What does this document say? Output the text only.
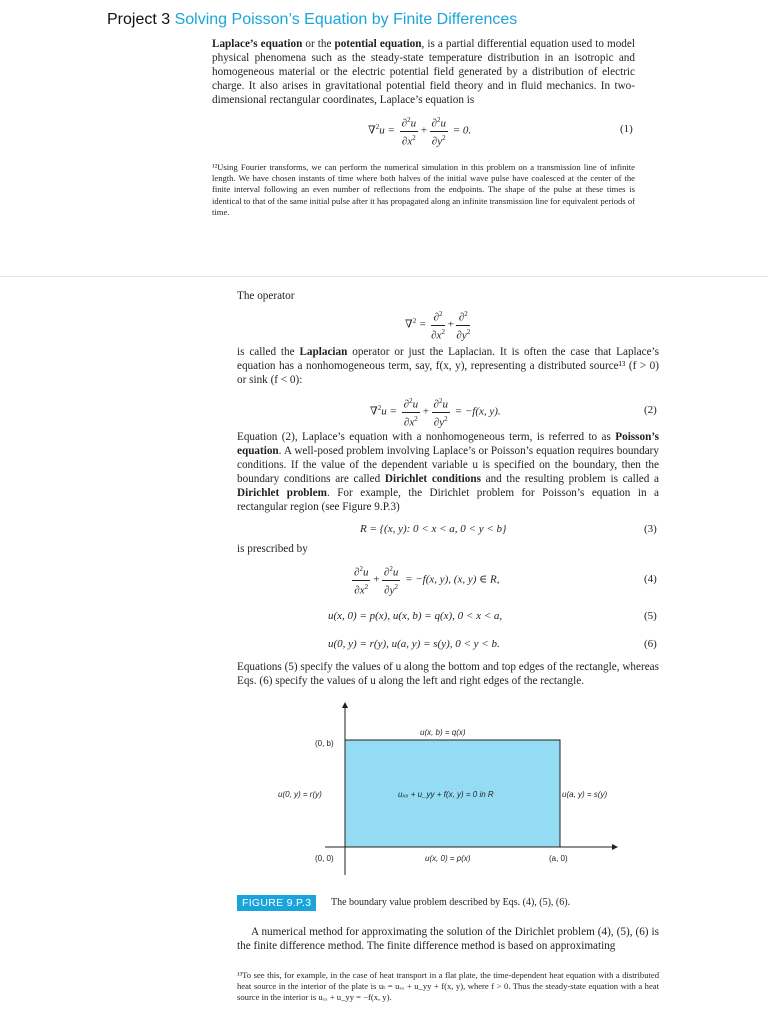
Project 3 Solving Poisson’s Equation by Finite Differences
Laplace’s equation or the potential equation, is a partial differential equation used to model physical phenomena such as the steady-state temperature distribution in an isotropic and homogeneous material or the electric potential field generated by a distribution of electric charge. It also arises in gravitational potential field theory and in fluid mechanics. In two-dimensional rectangular coordinates, Laplace’s equation is
$\nabla^2u = \frac{\partial^2u}{\partial x^2} + \frac{\partial^2u}{\partial y^2} = 0$.	(1)
¹²Using Fourier transforms, we can perform the numerical simulation in this problem on a transmission line of infinite length. We have chosen instants of time where both halves of the initial wave pulse have coalesced at the center of the finite interval following an even number of reflections from the endpoints. The shape of the pulse at these times is identical to that of the same initial pulse after it has propagated along an infinite transmission line for equivalent periods of time.
The operator
$\nabla^2 = \frac{\partial^2}{\partial x^2} + \frac{\partial^2}{\partial y^2}$
is called the Laplacian operator or just the Laplacian. It is often the case that Laplace’s equation has a nonhomogeneous term, say, f(x, y), representing a distributed source¹³ (f > 0) or sink (f < 0):
$\nabla^2u = \frac{\partial^2u}{\partial x^2} + \frac{\partial^2u}{\partial y^2} = -f(x$, y).	(2)
Equation (2), Laplace’s equation with a nonhomogeneous term, is referred to as Poisson’s equation. A well-posed problem involving Laplace’s or Poisson’s equation requires boundary conditions. If the value of the dependent variable u is specified on the boundary, then the boundary conditions are called Dirichlet conditions and the resulting problem is called a Dirichlet problem. For example, the Dirichlet problem for Poisson’s equation in a rectangular region (see Figure 9.P.3)
R = {(x, y): 0 < x < a, 0 < y < b}	(3)
is prescribed by
$\frac{\partial^2u}{\partial x^2} + \frac{\partial^2u}{\partial y^2} = -f(x$, y), (x, y) ∈ R,	(4)
u(x, 0) = p(x), u(x, b) = q(x), 0 < x < a,	(5)
u(0, y) = r(y), u(a, y) = s(y), 0 < y < b.	(6)
Equations (5) specify the values of u along the bottom and top edges of the rectangle, whereas Eqs. (6) specify the values of u along the left and right edges of the rectangle.
u(x, b) = q(x)
(0, b)
u(0, y) = r(y)	uₓₓ + u_yy + f(x, y) = 0 in R	u(a, y) = s(y)
(0, 0)	u(x, 0) = p(x)	(a, 0)
FIGURE 9.P.3	The boundary value problem described by Eqs. (4), (5), (6).
A numerical method for approximating the solution of the Dirichlet problem (4), (5), (6) is the finite difference method. The finite difference method is based on approximating
¹³To see this, for example, in the case of heat transport in a flat plate, the time-dependent heat equation with a distributed heat source in the interior of the plate is uₜ = uₓₓ + u_yy + f(x, y), where f > 0. Thus the steady-state equation with a heat source in the interior is uₓₓ + u_yy = −f(x, y).
